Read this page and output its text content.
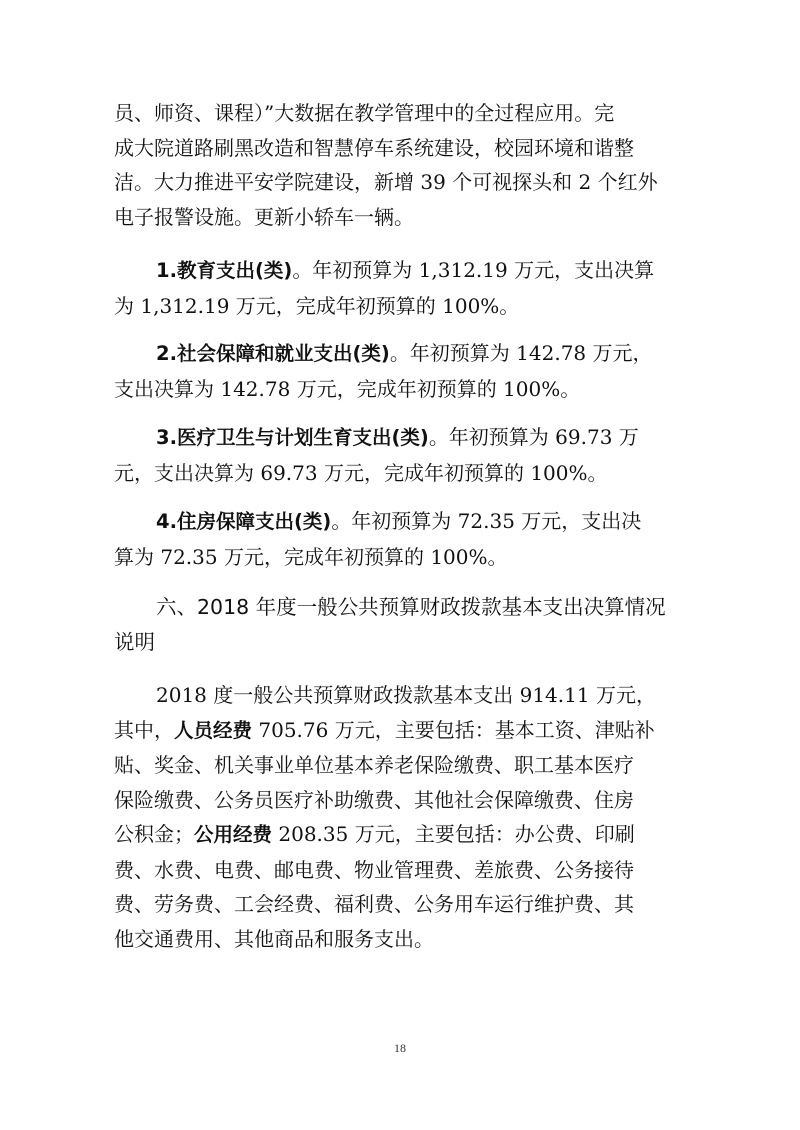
员、师资、课程）”大数据在教学管理中的全过程应用。完
成大院道路刷黑改造和智慧停车系统建设，校园环境和谐整
洁。大力推进平安学院建设，新增 39 个可视探头和 2 个红外
电子报警设施。更新小轿车一辆。
1.教育支出(类)。年初预算为 1,312.19 万元，支出决算
为 1,312.19 万元，完成年初预算的 100%。
2.社会保障和就业支出(类)。年初预算为 142.78 万元，
支出决算为 142.78 万元，完成年初预算的 100%。
3.医疗卫生与计划生育支出(类)。年初预算为 69.73 万
元，支出决算为 69.73 万元，完成年初预算的 100%。
4.住房保障支出(类)。年初预算为 72.35 万元，支出决
算为 72.35 万元，完成年初预算的 100%。
六、2018 年度一般公共预算财政拨款基本支出决算情况
说明
2018 度一般公共预算财政拨款基本支出 914.11 万元，
其中，人员经费 705.76 万元，主要包括：基本工资、津贴补
贴、奖金、机关事业单位基本养老保险缴费、职工基本医疗
保险缴费、公务员医疗补助缴费、其他社会保障缴费、住房
公积金；公用经费 208.35 万元，主要包括：办公费、印刷
费、水费、电费、邮电费、物业管理费、差旅费、公务接待
费、劳务费、工会经费、福利费、公务用车运行维护费、其
他交通费用、其他商品和服务支出。
18
